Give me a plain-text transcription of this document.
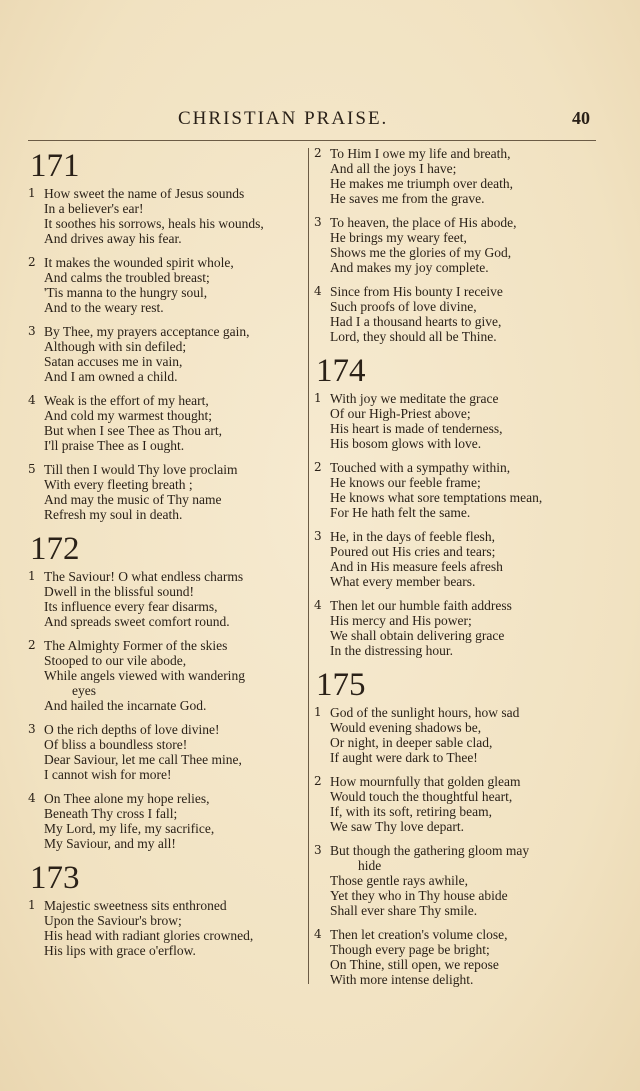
CHRISTIAN PRAISE.	40
171
1 How sweet the name of Jesus sounds
In a believer's ear!
It soothes his sorrows, heals his wounds,
And drives away his fear.
2 It makes the wounded spirit whole,
And calms the troubled breast;
'Tis manna to the hungry soul,
And to the weary rest.
3 By Thee, my prayers acceptance gain,
Although with sin defiled;
Satan accuses me in vain,
And I am owned a child.
4 Weak is the effort of my heart,
And cold my warmest thought;
But when I see Thee as Thou art,
I'll praise Thee as I ought.
5 Till then I would Thy love proclaim
With every fleeting breath ;
And may the music of Thy name
Refresh my soul in death.
172
1 The Saviour! O what endless charms
Dwell in the blissful sound!
Its influence every fear disarms,
And spreads sweet comfort round.
2 The Almighty Former of the skies
Stooped to our vile abode,
While angels viewed with wandering
eyes
And hailed the incarnate God.
3 O the rich depths of love divine!
Of bliss a boundless store!
Dear Saviour, let me call Thee mine,
I cannot wish for more!
4 On Thee alone my hope relies,
Beneath Thy cross I fall;
My Lord, my life, my sacrifice,
My Saviour, and my all!
173
1 Majestic sweetness sits enthroned
Upon the Saviour's brow;
His head with radiant glories crowned,
His lips with grace o'erflow.
2 To Him I owe my life and breath,
And all the joys I have;
He makes me triumph over death,
He saves me from the grave.
3 To heaven, the place of His abode,
He brings my weary feet,
Shows me the glories of my God,
And makes my joy complete.
4 Since from His bounty I receive
Such proofs of love divine,
Had I a thousand hearts to give,
Lord, they should all be Thine.
174
1 With joy we meditate the grace
Of our High-Priest above;
His heart is made of tenderness,
His bosom glows with love.
2 Touched with a sympathy within,
He knows our feeble frame;
He knows what sore temptations mean,
For He hath felt the same.
3 He, in the days of feeble flesh,
Poured out His cries and tears;
And in His measure feels afresh
What every member bears.
4 Then let our humble faith address
His mercy and His power;
We shall obtain delivering grace
In the distressing hour.
175
1 God of the sunlight hours, how sad
Would evening shadows be,
Or night, in deeper sable clad,
If aught were dark to Thee!
2 How mournfully that golden gleam
Would touch the thoughtful heart,
If, with its soft, retiring beam,
We saw Thy love depart.
3 But though the gathering gloom may
hide
Those gentle rays awhile,
Yet they who in Thy house abide
Shall ever share Thy smile.
4 Then let creation's volume close,
Though every page be bright;
On Thine, still open, we repose
With more intense delight.
